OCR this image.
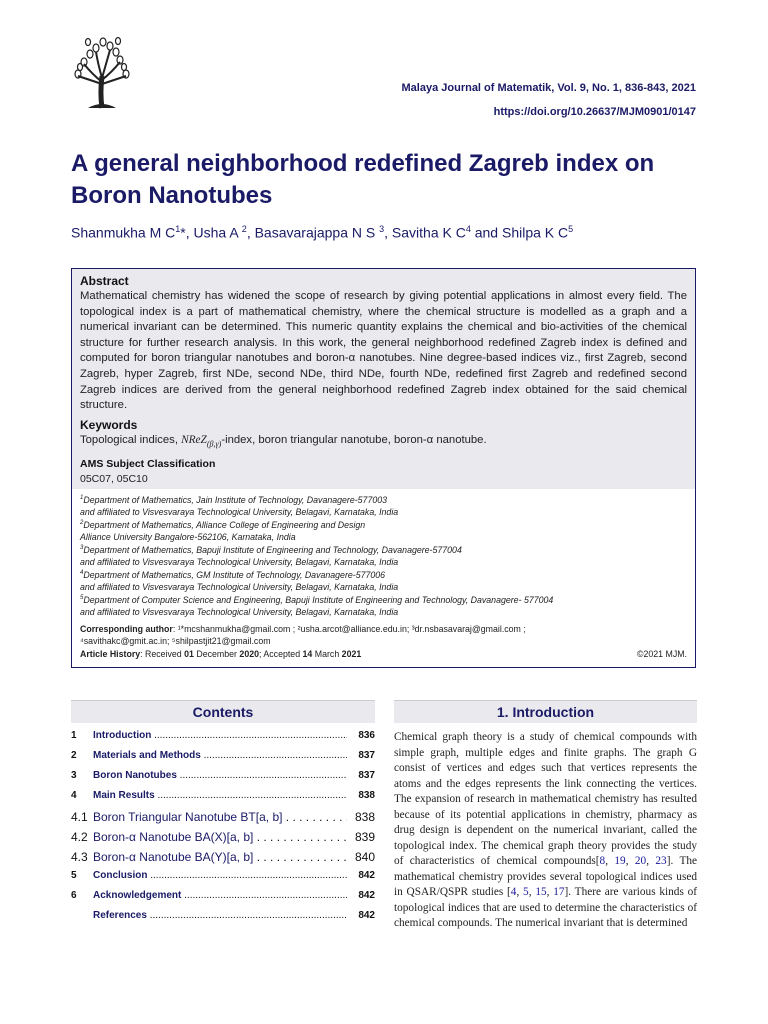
Malaya Journal of Matematik, Vol. 9, No. 1, 836-843, 2021
https://doi.org/10.26637/MJM0901/0147
A general neighborhood redefined Zagreb index on Boron Nanotubes
Shanmukha M $C^1*$, Usha A $^2$, Basavarajappa N S $^3$, Savitha K $C^4$ and Shilpa K $C^5$
Abstract
Mathematical chemistry has widened the scope of research by giving potential applications in almost every field. The topological index is a part of mathematical chemistry, where the chemical structure is modelled as a graph and a numerical invariant can be determined. This numeric quantity explains the chemical and bio-activities of the chemical structure for further research analysis. In this work, the general neighborhood redefined Zagreb index is defined and computed for boron triangular nanotubes and boron-α nanotubes. Nine degree-based indices viz., first Zagreb, second Zagreb, hyper Zagreb, first NDe, second NDe, third NDe, fourth NDe, redefined first Zagreb and redefined second Zagreb indices are derived from the general neighborhood redefined Zagreb index obtained for the said chemical structure.
Keywords
Topological indices, NReZ$_{(\beta,\gamma)}$-index, boron triangular nanotube, boron-α nanotube.
AMS Subject Classification
05C07, 05C10
$^1$Department of Mathematics, Jain Institute of Technology, Davanagere-577003
and affiliated to Visvesvaraya Technological University, Belagavi, Karnataka, India
$^2$Department of Mathematics, Alliance College of Engineering and Design
Alliance University Bangalore-562106, Karnataka, India
$^3$Department of Mathematics, Bapuji Institute of Engineering and Technology, Davanagere-577004
and affiliated to Visvesvaraya Technological University, Belagavi, Karnataka, India
$^4$Department of Mathematics, GM Institute of Technology, Davanagere-577006
and affiliated to Visvesvaraya Technological University, Belagavi, Karnataka, India
$^5$Department of Computer Science and Engineering, Bapuji Institute of Engineering and Technology, Davanagere- 577004
and affiliated to Visvesvaraya Technological University, Belagavi, Karnataka, India
Corresponding author: ¹*mcshanmukha@gmail.com ; ²usha.arcot@alliance.edu.in; ³dr.nsbasavaraj@gmail.com ;
⁴savithakc@gmit.ac.in; ⁵shilpastjit21@gmail.com
Article History: Received 01 December 2020; Accepted 14 March 2021	©2021 MJM.
Contents	1. Introduction
1 Introduction .....	836
2 Materials and Methods .....	837
3 Boron Nanotubes .....	837
4 Main Results .....	838
4.1 Boron Triangular Nanotube BT[a, b] . . .	838
4.2 Boron-α Nanotube BA(X)[a, b] . . .	839
4.3 Boron-α Nanotube BA(Y)[a, b] . . .	840
5 Conclusion .....	842
6 Acknowledgement .....	842
References .....	842
Chemical graph theory is a study of chemical compounds with simple graph, multiple edges and finite graphs. The graph G consist of vertices and edges such that vertices represents the atoms and the edges represents the link connecting the vertices. The expansion of research in mathematical chemistry has resulted because of its potential applications in chemistry, pharmacy as drug design is dependent on the numerical invariant, called the topological index. The chemical graph theory provides the study of characteristics of chemical compounds[8, 19, 20, 23]. The mathematical chemistry provides several topological indices used in QSAR/QSPR studies [4, 5, 15, 17]. There are various kinds of topological indices that are used to determine the characteristics of chemical compounds. The numerical invariant that is determined
